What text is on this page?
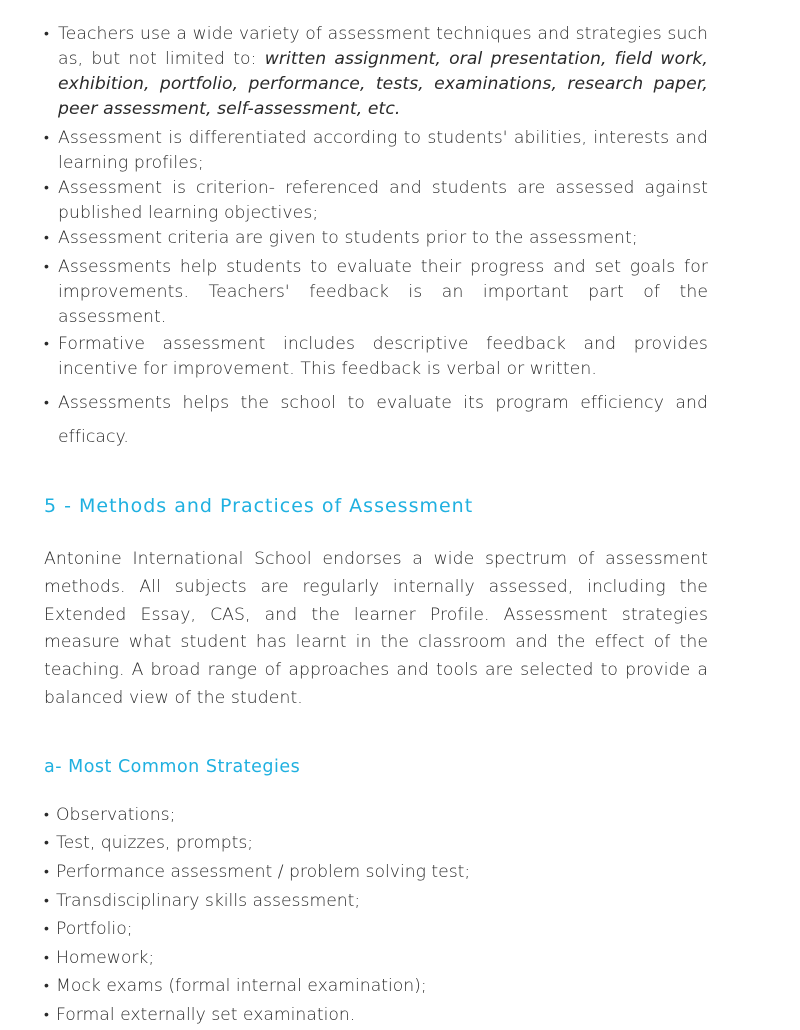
• Teachers use a wide variety of assessment techniques and strategies such as, but not limited to: written assignment, oral presentation, field work, exhibition, portfolio, performance, tests, examinations, research paper, peer assessment, self-assessment, etc.
• Assessment is differentiated according to students' abilities, interests and learning profiles;
• Assessment is criterion- referenced and students are assessed against published learning objectives;
• Assessment criteria are given to students prior to the assessment;
• Assessments help students to evaluate their progress and set goals for improvements. Teachers' feedback is an important part of the assessment.
• Formative assessment includes descriptive feedback and provides incentive for improvement. This feedback is verbal or written.
• Assessments helps the school to evaluate its program efficiency and efficacy.
5 - Methods and Practices of Assessment

Antonine International School endorses a wide spectrum of assessment methods. All subjects are regularly internally assessed, including the Extended Essay, CAS, and the learner Profile. Assessment strategies measure what student has learnt in the classroom and the effect of the teaching. A broad range of approaches and tools are selected to provide a balanced view of the student.

a- Most Common Strategies
• Observations;
• Test, quizzes, prompts;
• Performance assessment / problem solving test;
• Transdisciplinary skills assessment;
• Portfolio;
• Homework;
• Mock exams (formal internal examination);
• Formal externally set examination.
